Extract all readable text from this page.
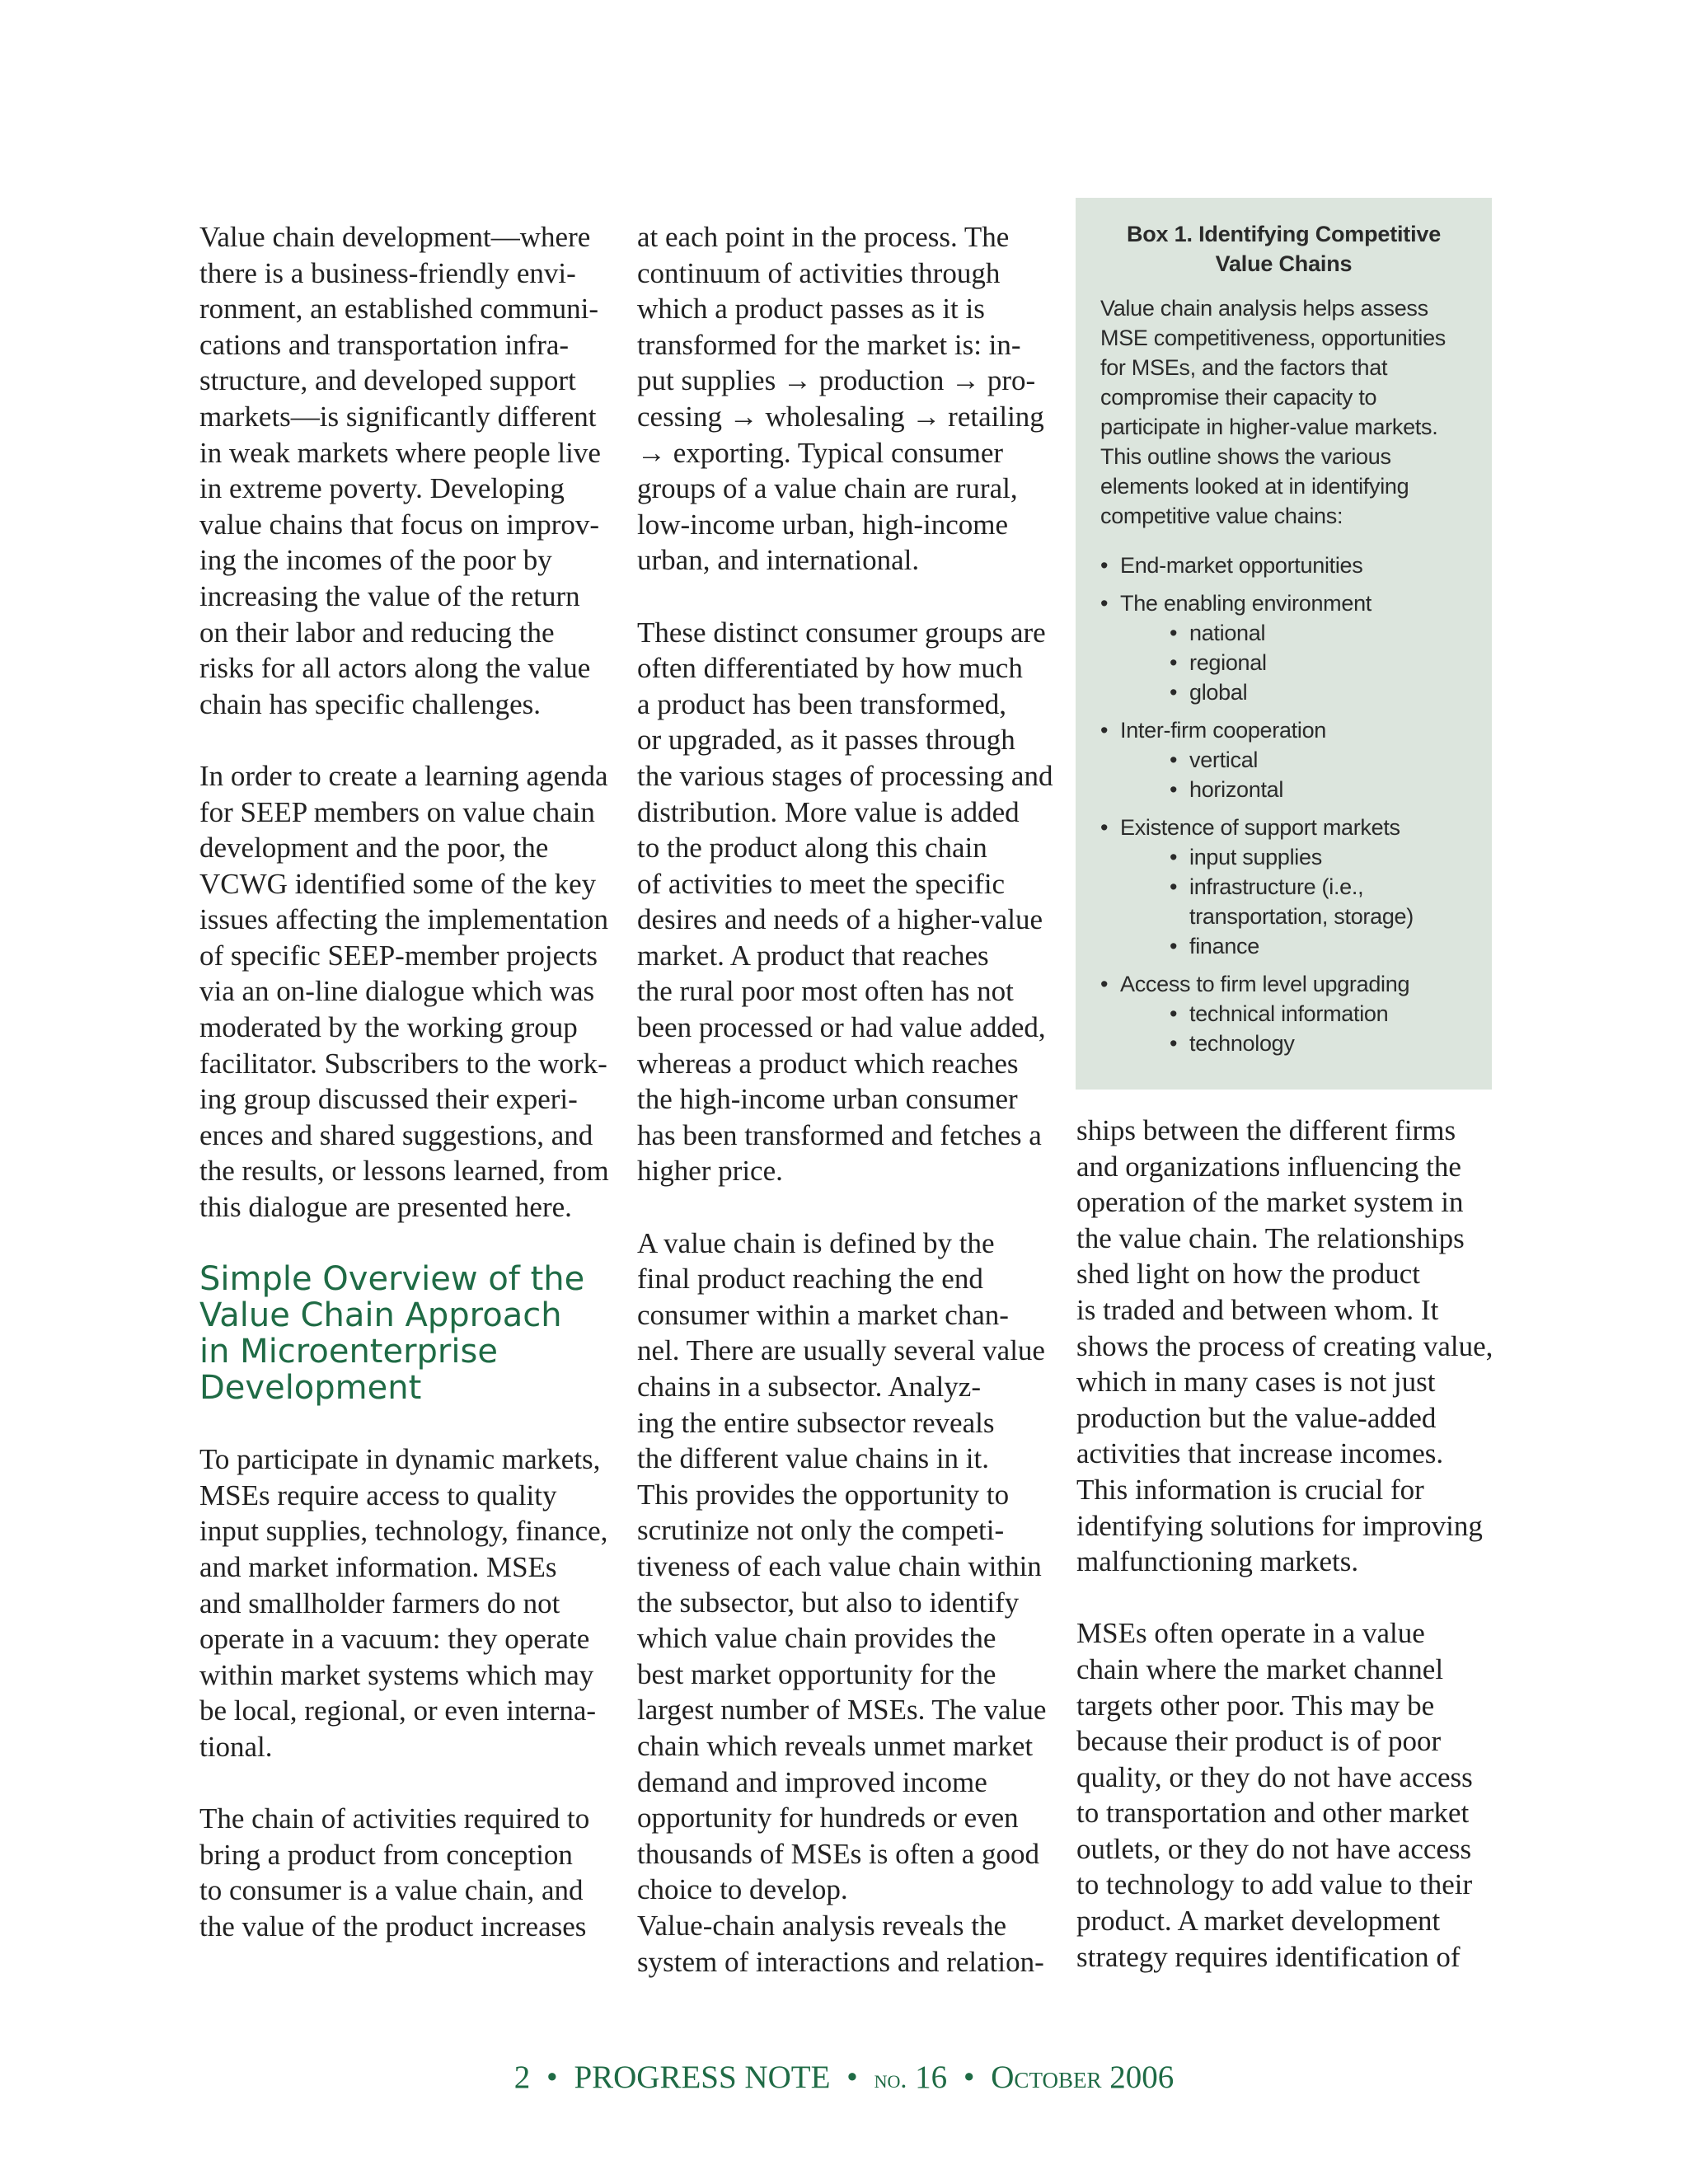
Value chain development—where
there is a business-friendly envi-
ronment, an established communi-
cations and transportation infra-
structure, and developed support
markets—is significantly different
in weak markets where people live
in extreme poverty. Developing
value chains that focus on improv-
ing the incomes of the poor by
increasing the value of the return
on their labor and reducing the
risks for all actors along the value
chain has specific challenges.

In order to create a learning agenda
for SEEP members on value chain
development and the poor, the
VCWG identified some of the key
issues affecting the implementation
of specific SEEP-member projects
via an on-line dialogue which was
moderated by the working group
facilitator. Subscribers to the work-
ing group discussed their experi-
ences and shared suggestions, and
the results, or lessons learned, from
this dialogue are presented here.

Simple Overview of the
Value Chain Approach
in Microenterprise
Development

To participate in dynamic markets,
MSEs require access to quality
input supplies, technology, finance,
and market information. MSEs
and smallholder farmers do not
operate in a vacuum: they operate
within market systems which may
be local, regional, or even interna-
tional.

The chain of activities required to
bring a product from conception
to consumer is a value chain, and
the value of the product increases

at each point in the process. The
continuum of activities through
which a product passes as it is
transformed for the market is: in-
put supplies → production → pro-
cessing → wholesaling → retailing
→ exporting. Typical consumer
groups of a value chain are rural,
low-income urban, high-income
urban, and international.

These distinct consumer groups are
often differentiated by how much
a product has been transformed,
or upgraded, as it passes through
the various stages of processing and
distribution. More value is added
to the product along this chain
of activities to meet the specific
desires and needs of a higher-value
market. A product that reaches
the rural poor most often has not
been processed or had value added,
whereas a product which reaches
the high-income urban consumer
has been transformed and fetches a
higher price.

A value chain is defined by the
final product reaching the end
consumer within a market chan-
nel. There are usually several value
chains in a subsector. Analyz-
ing the entire subsector reveals
the different value chains in it.
This provides the opportunity to
scrutinize not only the competi-
tiveness of each value chain within
the subsector, but also to identify
which value chain provides the
best market opportunity for the
largest number of MSEs. The value
chain which reveals unmet market
demand and improved income
opportunity for hundreds or even
thousands of MSEs is often a good
choice to develop.

Value-chain analysis reveals the
system of interactions and relation-

Box 1. Identifying Competitive
Value Chains
Value chain analysis helps assess
MSE competitiveness, opportunities
for MSEs, and the factors that
compromise their capacity to
participate in higher-value markets.
This outline shows the various
elements looked at in identifying
competitive value chains:
• End-market opportunities
• The enabling environment
• national
• regional
• global
• Inter-firm cooperation
• vertical
• horizontal
• Existence of support markets
• input supplies
• infrastructure (i.e.,
transportation, storage)
• finance
• Access to firm level upgrading
• technical information
• technology

ships between the different firms
and organizations influencing the
operation of the market system in
the value chain. The relationships
shed light on how the product
is traded and between whom. It
shows the process of creating value,
which in many cases is not just
production but the value-added
activities that increase incomes.
This information is crucial for
identifying solutions for improving
malfunctioning markets.

MSEs often operate in a value
chain where the market channel
targets other poor. This may be
because their product is of poor
quality, or they do not have access
to transportation and other market
outlets, or they do not have access
to technology to add value to their
product. A market development
strategy requires identification of

2 • PROGRESS NOTE • no. 16 • October 2006
